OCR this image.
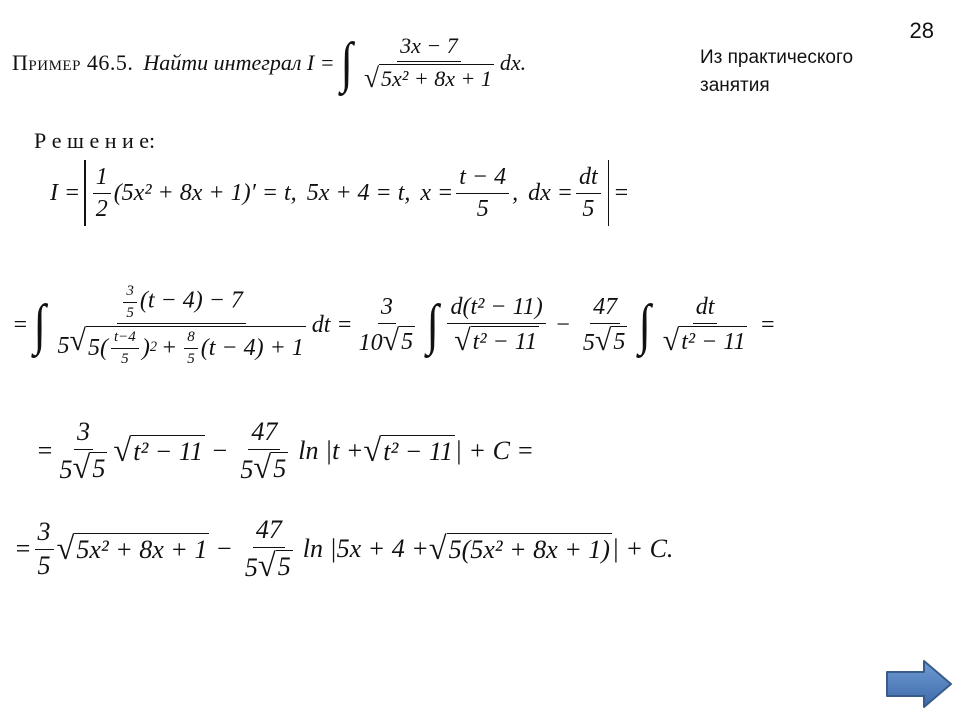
28
Из практического
занятия
Пример 46.5. Найти интеграл I = ∫ $\frac{3x - 7}{\text{√ 5x² + 8x + 1}}$ dx.
Р е ш е н и е:
$I = \frac{1}{2} (5x^2 + 8x + 1)' = t$, 5x + 4 = t, $x = \frac{t - 4}{5}$ , dx = $\frac{dt}{5}$ =
= ∫	$\frac{3}{5} (t - 4) - 7$
5 √ 5 ( $\frac{t-4}{5}$ ) $2 + \frac{8}{5} (t - 4) + 1$
dt = $\frac{3}{10 √ 5}$ ∫ $\frac{\text{d(t² − 11)}}{\text{√ t² − 11}} - \frac{47}{5 √ 5}$ ∫ $\frac{dt}{\text{√ t² − 11}}$ =
= $\frac{3}{5 √ 5}$ √ $t^2 - 11 - \frac{47}{5 √ 5}$ ln |t + √ t² − 11 | + C =
= $\frac{3}{5}$ √ $5x^2 + 8x + 1 - \frac{47}{5 √ 5}$ ln |5x + 4 + √ 5(5x² + 8x + 1) | + C.
